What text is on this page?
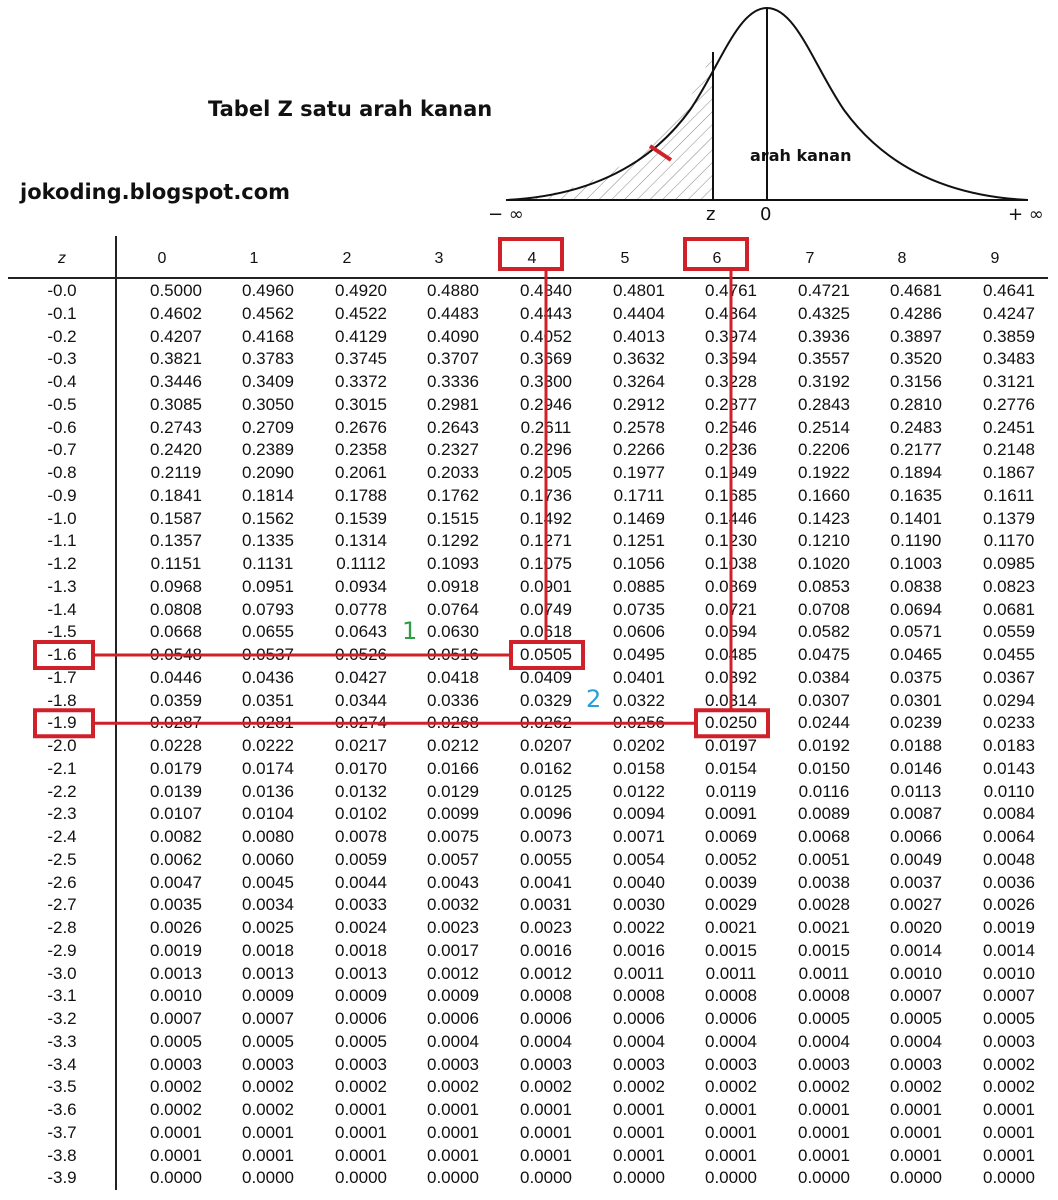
Tabel Z satu arah kanan
jokoding.blogspot.com
arah kanan
− ∞	z 0	+ ∞
z	0	1	2	3	4	5	6	7	8	9
-0.0	0.5000	0.4960	0.4920	0.4880	0.4840	0.4801	0.4761	0.4721	0.4681	0.4641
-0.1	0.4602	0.4562	0.4522	0.4483	0.4443	0.4404	0.4364	0.4325	0.4286	0.4247
-0.2	0.4207	0.4168	0.4129	0.4090	0.4052	0.4013	0.3974	0.3936	0.3897	0.3859
-0.3	0.3821	0.3783	0.3745	0.3707	0.3669	0.3632	0.3594	0.3557	0.3520	0.3483
-0.4	0.3446	0.3409	0.3372	0.3336	0.3300	0.3264	0.3228	0.3192	0.3156	0.3121
-0.5	0.3085	0.3050	0.3015	0.2981	0.2946	0.2912	0.2877	0.2843	0.2810	0.2776
-0.6	0.2743	0.2709	0.2676	0.2643	0.2611	0.2578	0.2546	0.2514	0.2483	0.2451
-0.7	0.2420	0.2389	0.2358	0.2327	0.2296	0.2266	0.2236	0.2206	0.2177	0.2148
-0.8	0.2119	0.2090	0.2061	0.2033	0.2005	0.1977	0.1949	0.1922	0.1894	0.1867
-0.9	0.1841	0.1814	0.1788	0.1762	0.1736	0.1711	0.1685	0.1660	0.1635	0.1611
-1.0	0.1587	0.1562	0.1539	0.1515	0.1492	0.1469	0.1446	0.1423	0.1401	0.1379
-1.1	0.1357	0.1335	0.1314	0.1292	0.1271	0.1251	0.1230	0.1210	0.1190	0.1170
-1.2	0.1151	0.1131	0.1112	0.1093	0.1075	0.1056	0.1038	0.1020	0.1003	0.0985
-1.3	0.0968	0.0951	0.0934	0.0918	0.0901	0.0885	0.0869	0.0853	0.0838	0.0823
-1.4	0.0808	0.0793	0.0778	0.0764	0.0749	0.0735	0.0721	0.0708	0.0694	0.0681
-1.5	0.0668	0.0655	0.0643	0.0630	0.0618	0.0606	0.0594	0.0582	0.0571	0.0559
-1.6	0.0548	0.0537	0.0526	0.0516	0.0505	0.0495	0.0485	0.0475	0.0465	0.0455
-1.7	0.0446	0.0436	0.0427	0.0418	0.0409	0.0401	0.0392	0.0384	0.0375	0.0367
-1.8	0.0359	0.0351	0.0344	0.0336	0.0329	0.0322	0.0314	0.0307	0.0301	0.0294
-1.9	0.0287	0.0281	0.0274	0.0268	0.0262	0.0256	0.0250	0.0244	0.0239	0.0233
-2.0	0.0228	0.0222	0.0217	0.0212	0.0207	0.0202	0.0197	0.0192	0.0188	0.0183
-2.1	0.0179	0.0174	0.0170	0.0166	0.0162	0.0158	0.0154	0.0150	0.0146	0.0143
-2.2	0.0139	0.0136	0.0132	0.0129	0.0125	0.0122	0.0119	0.0116	0.0113	0.0110
-2.3	0.0107	0.0104	0.0102	0.0099	0.0096	0.0094	0.0091	0.0089	0.0087	0.0084
-2.4	0.0082	0.0080	0.0078	0.0075	0.0073	0.0071	0.0069	0.0068	0.0066	0.0064
-2.5	0.0062	0.0060	0.0059	0.0057	0.0055	0.0054	0.0052	0.0051	0.0049	0.0048
-2.6	0.0047	0.0045	0.0044	0.0043	0.0041	0.0040	0.0039	0.0038	0.0037	0.0036
-2.7	0.0035	0.0034	0.0033	0.0032	0.0031	0.0030	0.0029	0.0028	0.0027	0.0026
-2.8	0.0026	0.0025	0.0024	0.0023	0.0023	0.0022	0.0021	0.0021	0.0020	0.0019
-2.9	0.0019	0.0018	0.0018	0.0017	0.0016	0.0016	0.0015	0.0015	0.0014	0.0014
-3.0	0.0013	0.0013	0.0013	0.0012	0.0012	0.0011	0.0011	0.0011	0.0010	0.0010
-3.1	0.0010	0.0009	0.0009	0.0009	0.0008	0.0008	0.0008	0.0008	0.0007	0.0007
-3.2	0.0007	0.0007	0.0006	0.0006	0.0006	0.0006	0.0006	0.0005	0.0005	0.0005
-3.3	0.0005	0.0005	0.0005	0.0004	0.0004	0.0004	0.0004	0.0004	0.0004	0.0003
-3.4	0.0003	0.0003	0.0003	0.0003	0.0003	0.0003	0.0003	0.0003	0.0003	0.0002
-3.5	0.0002	0.0002	0.0002	0.0002	0.0002	0.0002	0.0002	0.0002	0.0002	0.0002
-3.6	0.0002	0.0002	0.0001	0.0001	0.0001	0.0001	0.0001	0.0001	0.0001	0.0001
-3.7	0.0001	0.0001	0.0001	0.0001	0.0001	0.0001	0.0001	0.0001	0.0001	0.0001
-3.8	0.0001	0.0001	0.0001	0.0001	0.0001	0.0001	0.0001	0.0001	0.0001	0.0001
-3.9	0.0000	0.0000	0.0000	0.0000	0.0000	0.0000	0.0000	0.0000	0.0000	0.0000
1
2
